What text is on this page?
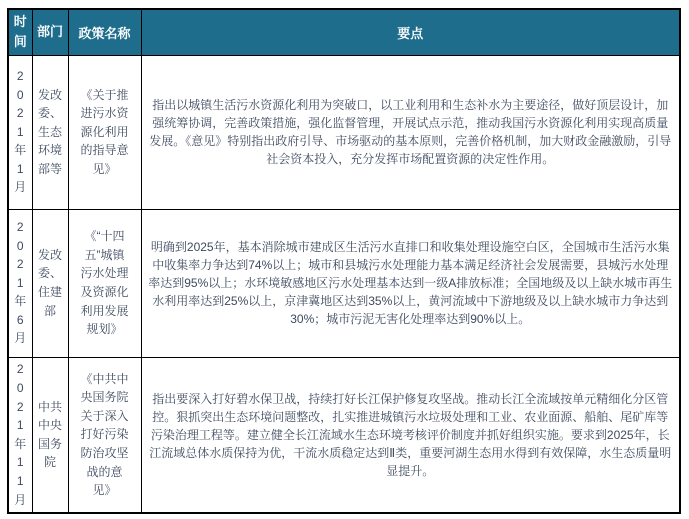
时间	部门	政策名称	要点

2021年1月	发改委、生态环境部等	《关于推进污水资源化利用的指导意见》	指出以城镇生活污水资源化利用为突破口，以工业利用和生态补水为主要途径，做好顶层设计，加强统筹协调，完善政策措施，强化监督管理，开展试点示范，推动我国污水资源化利用实现高质量发展。《意见》特别指出政府引导、市场驱动的基本原则，完善价格机制，加大财政金融激励，引导社会资本投入，充分发挥市场配置资源的决定性作用。

2021年6月	发改委、住建部	《“十四五”城镇污水处理及资源化利用发展规划》	明确到2025年，基本消除城市建成区生活污水直排口和收集处理设施空白区，全国城市生活污水集中收集率力争达到74%以上；城市和县城污水处理能力基本满足经济社会发展需要，县城污水处理率达到95%以上；水环境敏感地区污水处理基本达到一级A排放标准；全国地级及以上缺水城市再生水利用率达到25%以上，京津冀地区达到35%以上，黄河流域中下游地级及以上缺水城市力争达到30%；城市污泥无害化处理率达到90%以上。

2021年11月	中共中央国务院	《中共中央国务院关于深入打好污染防治攻坚战的意见》	指出要深入打好碧水保卫战，持续打好长江保护修复攻坚战。推动长江全流域按单元精细化分区管控。狠抓突出生态环境问题整改，扎实推进城镇污水垃圾处理和工业、农业面源、船舶、尾矿库等污染治理工程等。建立健全长江流域水生态环境考核评价制度并抓好组织实施。要求到2025年，长江流域总体水质保持为优，干流水质稳定达到Ⅱ类，重要河湖生态用水得到有效保障，水生态质量明显提升。
